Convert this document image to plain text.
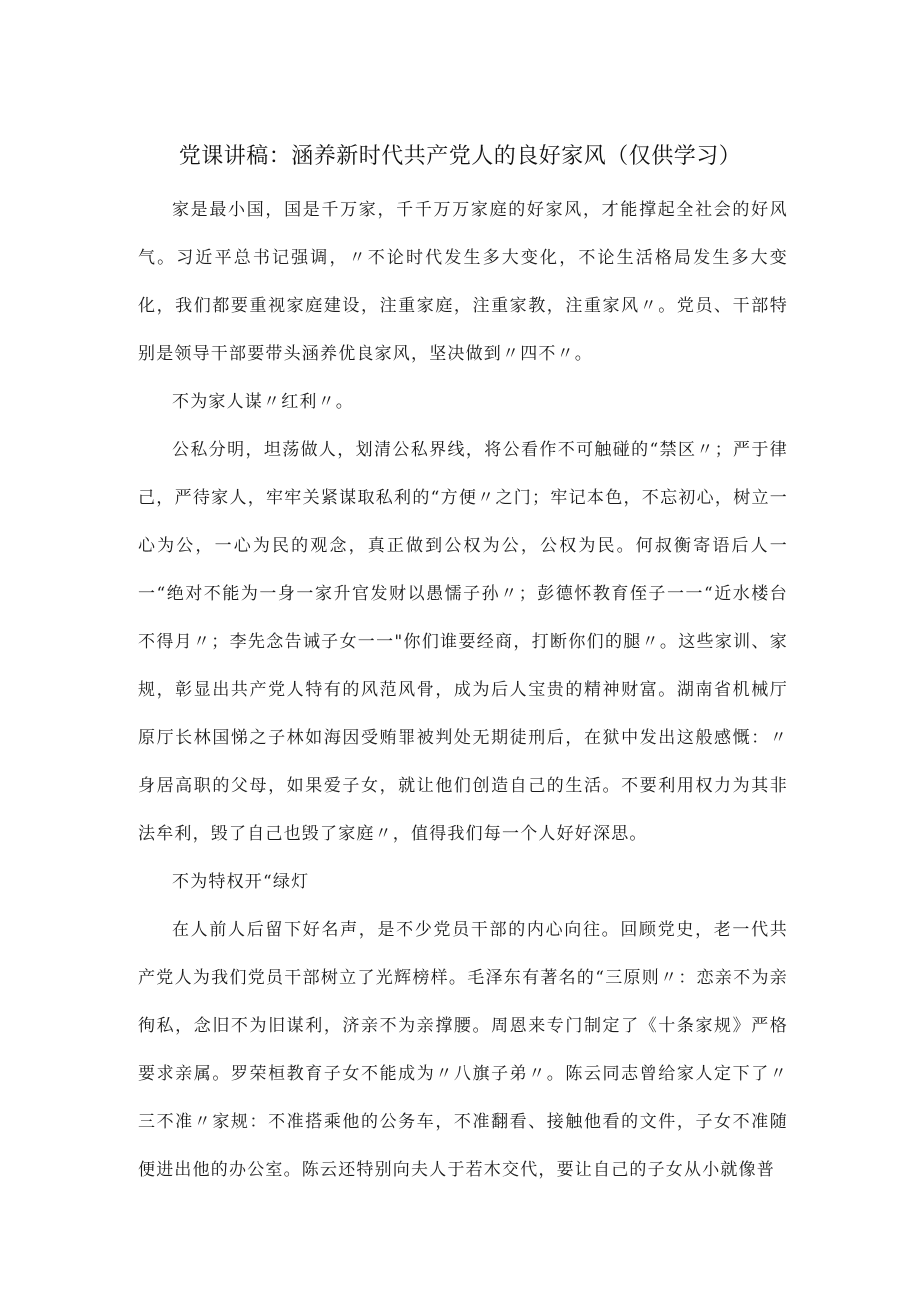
党课讲稿：涵养新时代共产党人的良好家风（仅供学习）

家是最小国，国是千万家，千千万万家庭的好家风，才能撑起全社会的好风气。习近平总书记强调，〃不论时代发生多大变化，不论生活格局发生多大变化，我们都要重视家庭建设，注重家庭，注重家教，注重家风〃。党员、干部特别是领导干部要带头涵养优良家风，坚决做到〃四不〃。

不为家人谋〃红利〃。

公私分明，坦荡做人，划清公私界线，将公看作不可触碰的“禁区〃；严于律己，严待家人，牢牢关紧谋取私利的“方便〃之门；牢记本色，不忘初心，树立一心为公，一心为民的观念，真正做到公权为公，公权为民。何叔衡寄语后人一一“绝对不能为一身一家升官发财以愚懦子孙〃；彭德怀教育侄子一一“近水楼台不得月〃；李先念告诫子女一一"你们谁要经商，打断你们的腿〃。这些家训、家规，彰显出共产党人特有的风范风骨，成为后人宝贵的精神财富。湖南省机械厅原厅长林国悌之子林如海因受贿罪被判处无期徒刑后，在狱中发出这般感慨：〃身居高职的父母，如果爱子女，就让他们创造自己的生活。不要利用权力为其非法牟利，毁了自己也毁了家庭〃，值得我们每一个人好好深思。

不为特权开“绿灯

在人前人后留下好名声，是不少党员干部的内心向往。回顾党史，老一代共产党人为我们党员干部树立了光辉榜样。毛泽东有著名的“三原则〃：恋亲不为亲徇私，念旧不为旧谋利，济亲不为亲撑腰。周恩来专门制定了《十条家规》严格要求亲属。罗荣桓教育子女不能成为〃八旗子弟〃。陈云同志曾给家人定下了〃三不准〃家规：不准搭乘他的公务车，不准翻看、接触他看的文件，子女不准随便进出他的办公室。陈云还特别向夫人于若木交代，要让自己的子女从小就像普
